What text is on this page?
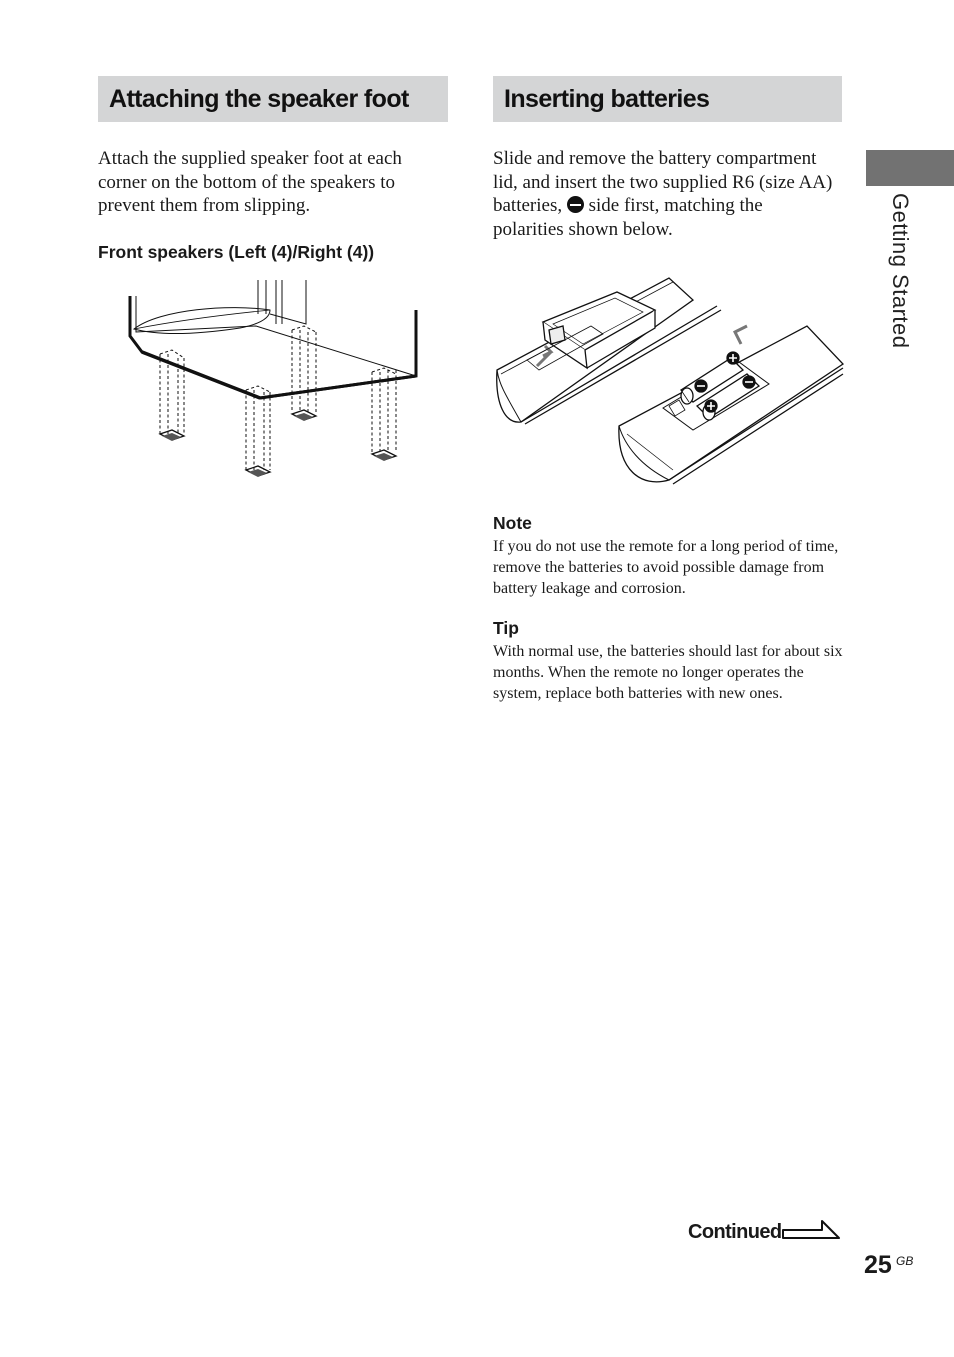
Attaching the speaker foot

Attach the supplied speaker foot at each corner on the bottom of the speakers to prevent them from slipping.

Front speakers (Left (4)/Right (4))

Inserting batteries

Slide and remove the battery compartment lid, and insert the two supplied R6 (size AA) batteries,  side first, matching the polarities shown below.

Note

If you do not use the remote for a long period of time, remove the batteries to avoid possible damage from battery leakage and corrosion.

Tip

With normal use, the batteries should last for about six months. When the remote no longer operates the system, replace both batteries with new ones.

Getting Started
Continued
25 GB
